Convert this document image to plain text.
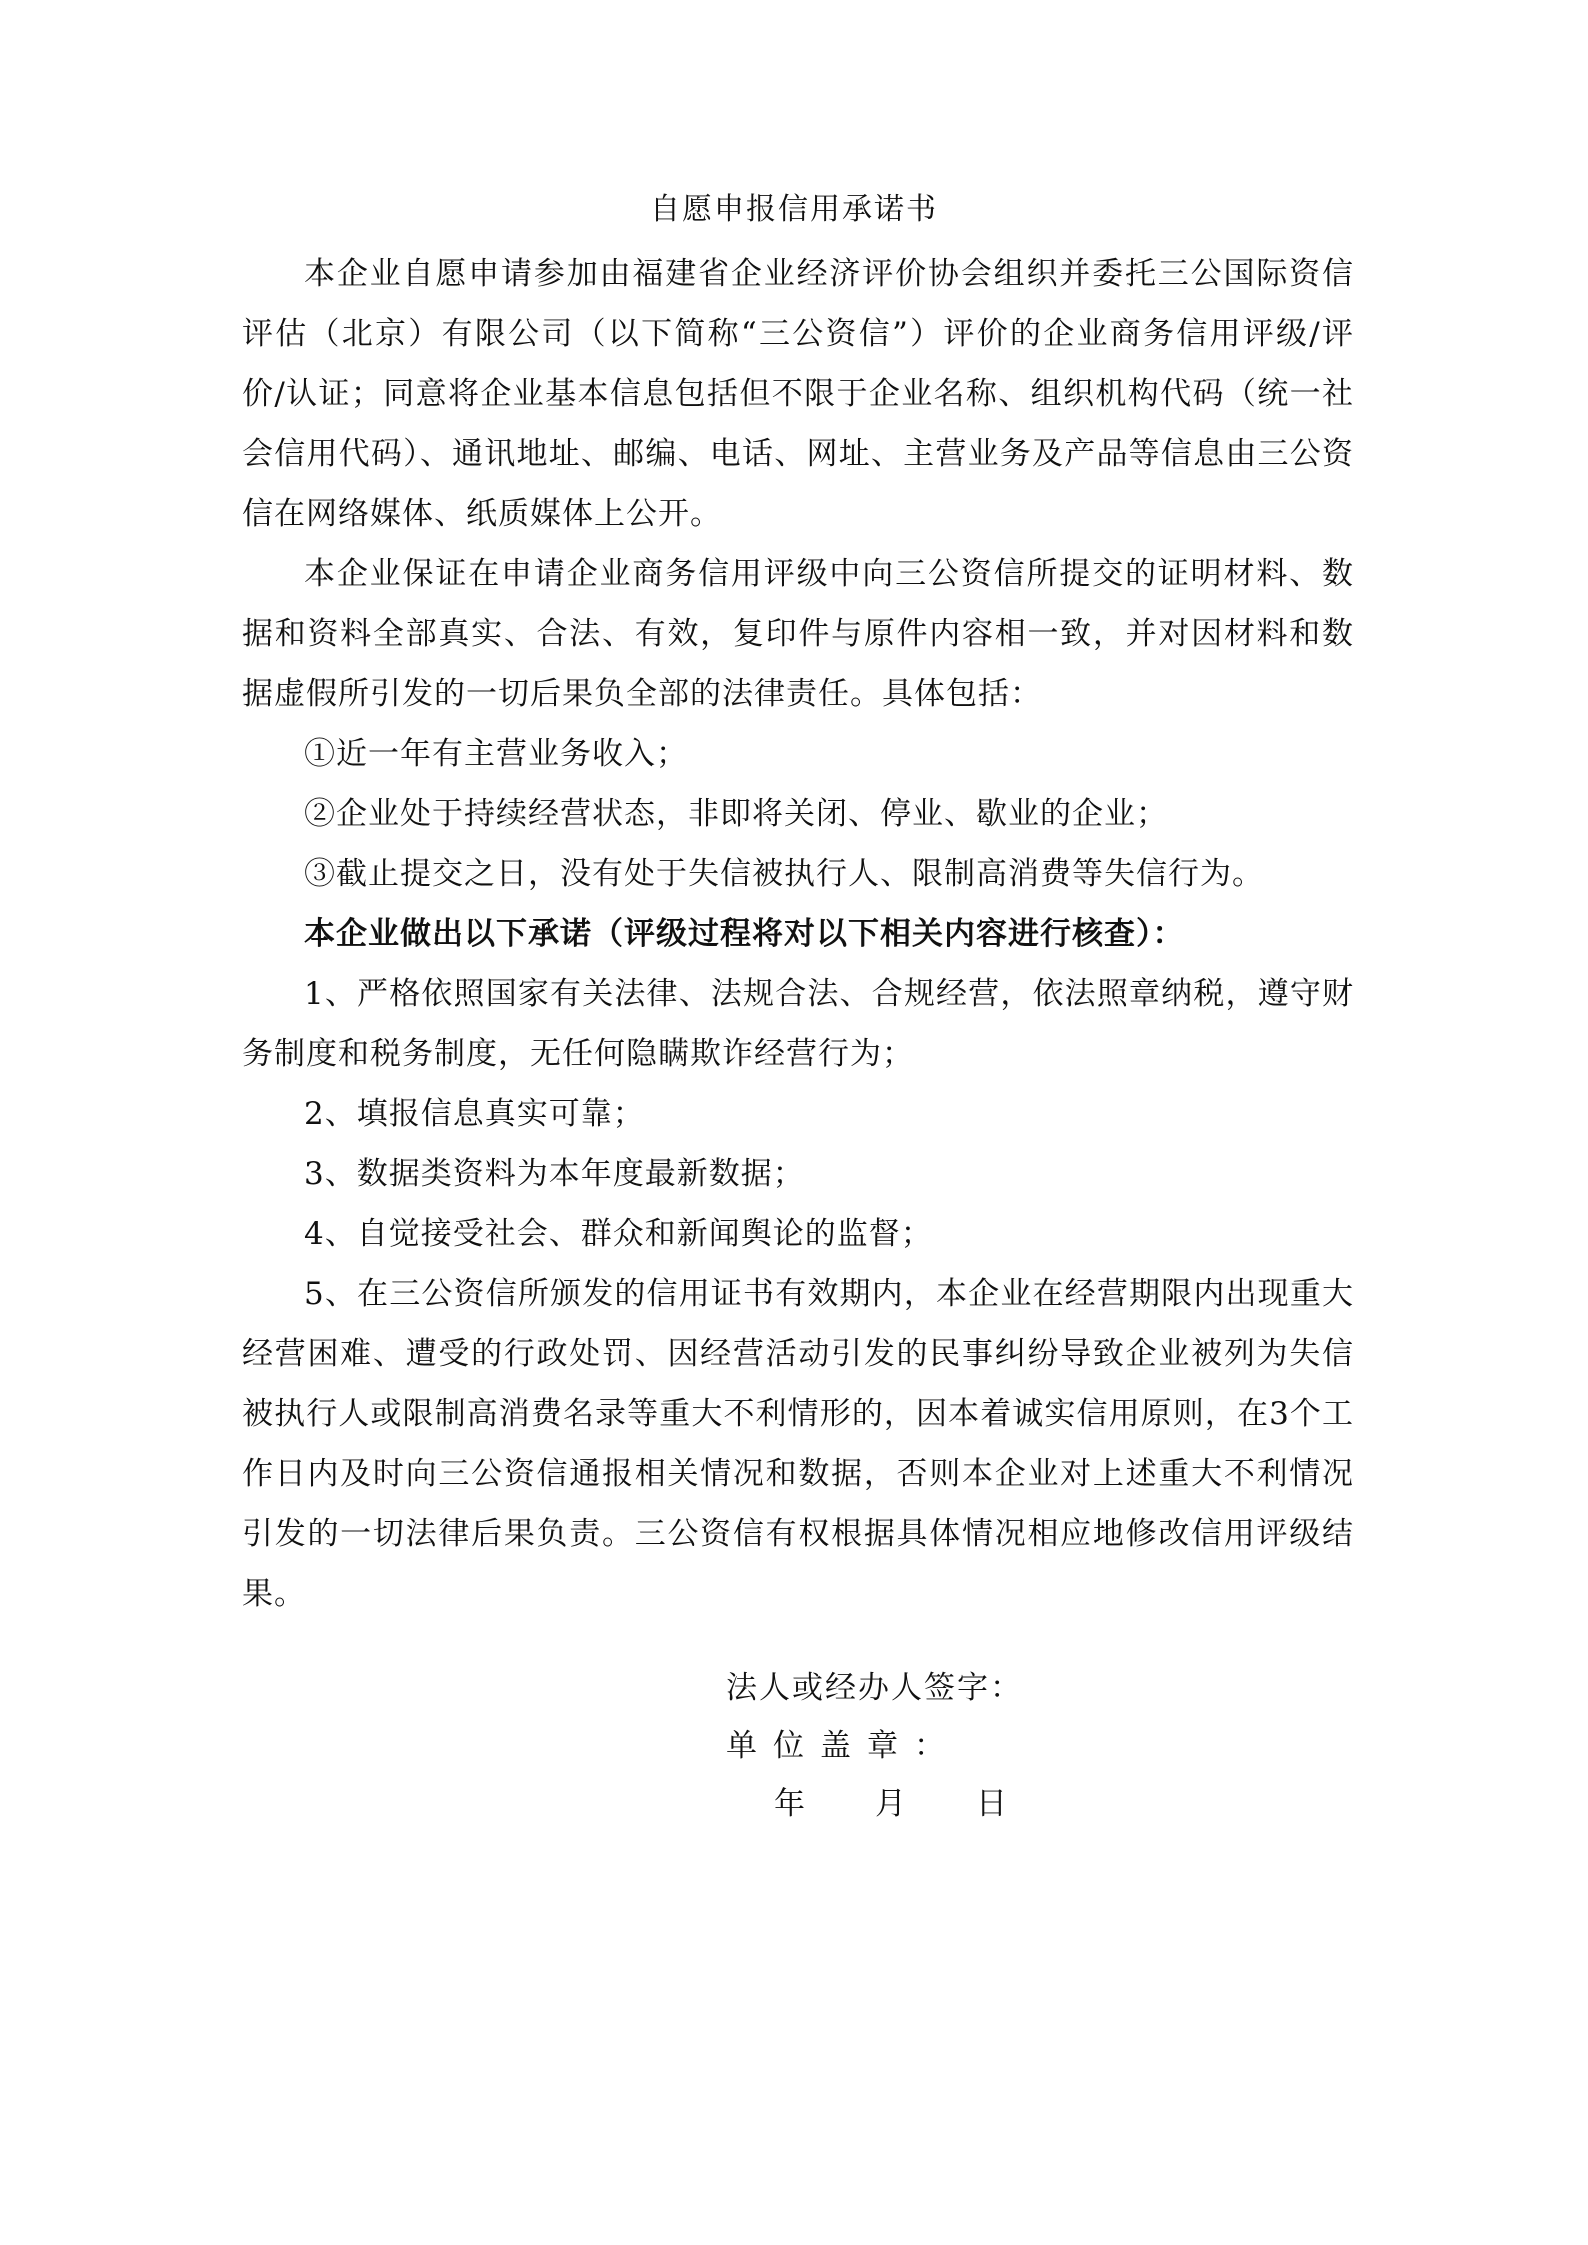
自愿申报信用承诺书

本企业自愿申请参加由福建省企业经济评价协会组织并委托三公国际资信评估（北京）有限公司（以下简称“三公资信”）评价的企业商务信用评级/评价/认证；同意将企业基本信息包括但不限于企业名称、组织机构代码（统一社会信用代码）、通讯地址、邮编、电话、网址、主营业务及产品等信息由三公资信在网络媒体、纸质媒体上公开。

本企业保证在申请企业商务信用评级中向三公资信所提交的证明材料、数据和资料全部真实、合法、有效，复印件与原件内容相一致，并对因材料和数据虚假所引发的一切后果负全部的法律责任。具体包括：

①近一年有主营业务收入；

②企业处于持续经营状态，非即将关闭、停业、歇业的企业；

③截止提交之日，没有处于失信被执行人、限制高消费等失信行为。

本企业做出以下承诺（评级过程将对以下相关内容进行核查）：

1、严格依照国家有关法律、法规合法、合规经营，依法照章纳税，遵守财务制度和税务制度，无任何隐瞒欺诈经营行为；

2、填报信息真实可靠；

3、数据类资料为本年度最新数据；

4、自觉接受社会、群众和新闻舆论的监督；

5、在三公资信所颁发的信用证书有效期内，本企业在经营期限内出现重大经营困难、遭受的行政处罚、因经营活动引发的民事纠纷导致企业被列为失信被执行人或限制高消费名录等重大不利情形的，因本着诚实信用原则，在3个工作日内及时向三公资信通报相关情况和数据，否则本企业对上述重大不利情况引发的一切法律后果负责。三公资信有权根据具体情况相应地修改信用评级结果。

法人或经办人签字：
单位盖章：
年 月 日
